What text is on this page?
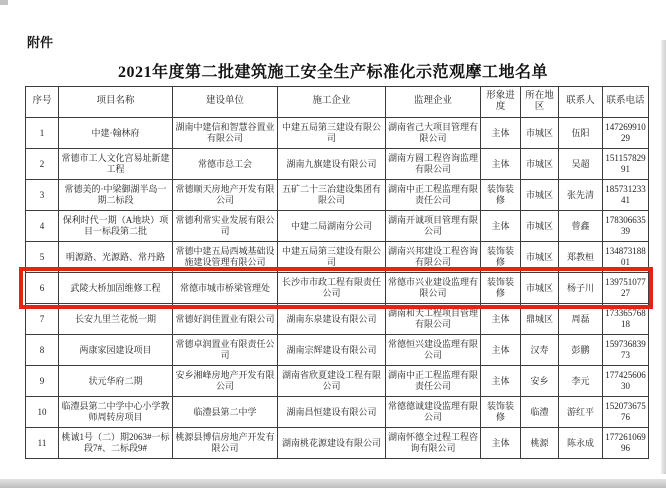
附件
2021年度第二批建筑施工安全生产标准化示范观摩工地名单
序号	项目名称	建设单位	施工企业	监理企业	形象进度	所在地区	联系人	联系电话
1	中建·翰林府	湖南中建信和智慧谷置业有限公司	中建五局第三建设有限公司	湖南省己大项目管理有限公司	主体	市城区	伍阳	14726991029
2	常德市工人文化宫易址新建工程	常德市总工会	湖南九旗建设有限公司	湖南方圆工程咨询监理有限公司	主体	市城区	吴超	15115782991
3	常德美的·中梁御湖半岛一期二标段	常德顺天房地产开发有限公司	五矿二十三冶建设集团有限公司	湖南中正工程监理有限责任公司	装饰装修	市城区	张先清	18573123341
4	保利时代一期（A地块）项目一标段第二批	常德利常实业发展有限公司	中建二局湖南分公司	湖南开诚项目管理有限公司	主体	市城区	曾鑫	17830663539
5	明源路、光源路、常丹路	常德中建五局西城基础设施建设管理有限公司	中建五局第三建设有限公司	湖南兴邦建设工程咨询有限公司	装饰装修	市城区	郑教桓	13487318801
6	武陵大桥加固维修工程	常德市城市桥梁管理处	长沙市市政工程有限责任公司	常德市兴业建设监理有限公司	装饰装修	市城区	杨子川	13975107727
7	长安九里兰花悦一期	常德好润佳置业有限公司	湖南东泉建设有限公司	湖南和天工程项目管理有限公司	主体	鼎城区	周磊	17336576818
8	两康家园建设项目	常德卓润置业有限责任公司	湖南宗辉建设有限公司	常德恒兴建设监理有限公司	主体	汉寿	彭鹏	15973683973
9	状元华府二期	安乡湘峰房地产开发有限公司	湖南省欣夏建设工程有限公司	湖南中正工程监理有限责任公司	主体	安乡	李元	17742560630
10	临澧县第二中学中心小学教师周转房项目	临澧县第二中学	湖南昌恒建设有限公司	常德德诚建设监理有限公司	装饰装修	临澧	游红平	15207367576
11	桃诚1号（二）期2063#一标段7#、二标段9#	桃源县博信房地产开发有限公司	湖南桃花源建设有限公司	湖南怀德全过程工程咨询有限公司	主体	桃源	陈永成	17726106996
